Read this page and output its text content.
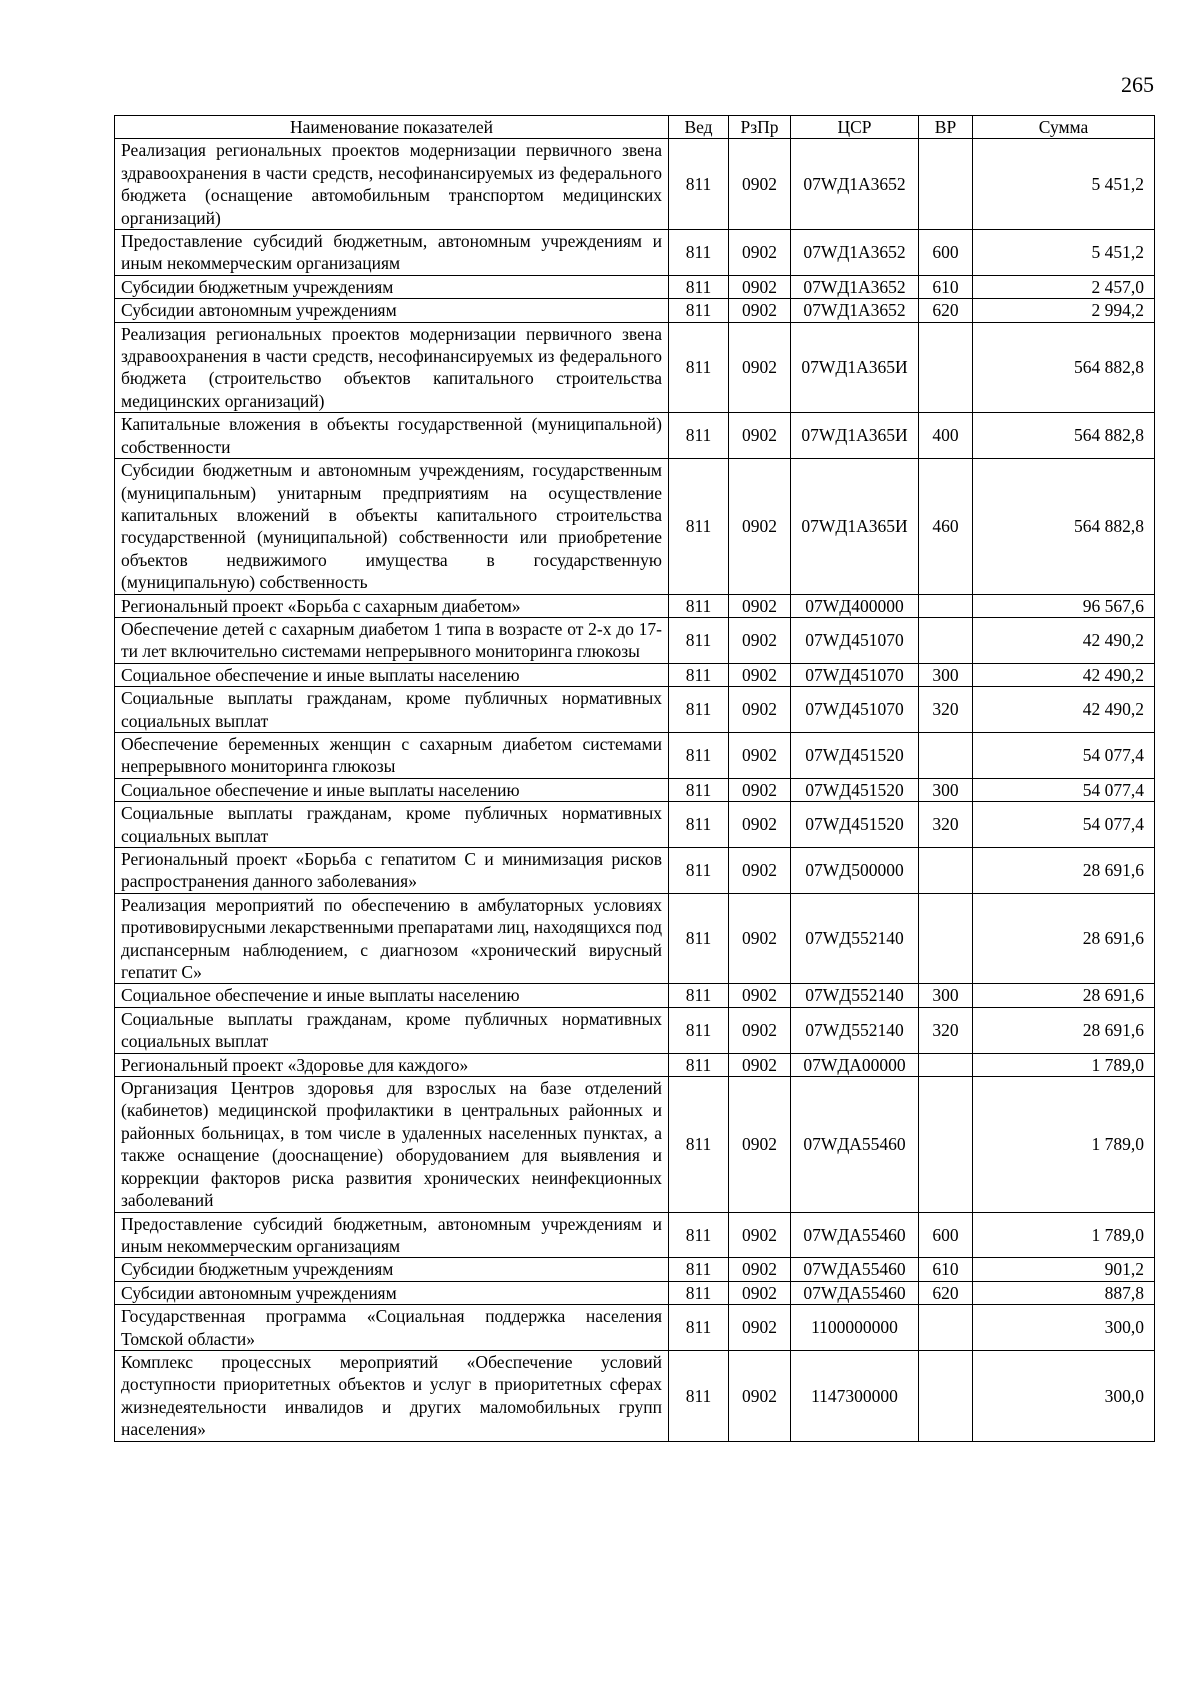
265
Наименование показателей	Вед	РзПр	ЦСР	ВР	Сумма
Реализация региональных проектов модернизации первичного звена здравоохранения в части средств, несофинансируемых из федерального бюджета (оснащение автомобильным транспортом медицинских организаций)	811	0902	07WД1А3652		5 451,2
Предоставление субсидий бюджетным, автономным учреждениям и иным некоммерческим организациям	811	0902	07WД1А3652	600	5 451,2
Субсидии бюджетным учреждениям	811	0902	07WД1А3652	610	2 457,0
Субсидии автономным учреждениям	811	0902	07WД1А3652	620	2 994,2
Реализация региональных проектов модернизации первичного звена здравоохранения в части средств, несофинансируемых из федерального бюджета (строительство объектов капитального строительства медицинских организаций)	811	0902	07WД1А365И		564 882,8
Капитальные вложения в объекты государственной (муниципальной) собственности	811	0902	07WД1А365И	400	564 882,8
Субсидии бюджетным и автономным учреждениям, государственным (муниципальным) унитарным предприятиям на осуществление капитальных вложений в объекты капитального строительства государственной (муниципальной) собственности или приобретение объектов недвижимого имущества в государственную (муниципальную) собственность	811	0902	07WД1А365И	460	564 882,8
Региональный проект «Борьба с сахарным диабетом»	811	0902	07WД400000		96 567,6
Обеспечение детей с сахарным диабетом 1 типа в возрасте от 2-х до 17-ти лет включительно системами непрерывного мониторинга глюкозы	811	0902	07WД451070		42 490,2
Социальное обеспечение и иные выплаты населению	811	0902	07WД451070	300	42 490,2
Социальные выплаты гражданам, кроме публичных нормативных социальных выплат	811	0902	07WД451070	320	42 490,2
Обеспечение беременных женщин с сахарным диабетом системами непрерывного мониторинга глюкозы	811	0902	07WД451520		54 077,4
Социальное обеспечение и иные выплаты населению	811	0902	07WД451520	300	54 077,4
Социальные выплаты гражданам, кроме публичных нормативных социальных выплат	811	0902	07WД451520	320	54 077,4
Региональный проект «Борьба с гепатитом С и минимизация рисков распространения данного заболевания»	811	0902	07WД500000		28 691,6
Реализация мероприятий по обеспечению в амбулаторных условиях противовирусными лекарственными препаратами лиц, находящихся под диспансерным наблюдением, с диагнозом «хронический вирусный гепатит С»	811	0902	07WД552140		28 691,6
Социальное обеспечение и иные выплаты населению	811	0902	07WД552140	300	28 691,6
Социальные выплаты гражданам, кроме публичных нормативных социальных выплат	811	0902	07WД552140	320	28 691,6
Региональный проект «Здоровье для каждого»	811	0902	07WДА00000		1 789,0
Организация Центров здоровья для взрослых на базе отделений (кабинетов) медицинской профилактики в центральных районных и районных больницах, в том числе в удаленных населенных пунктах, а также оснащение (дооснащение) оборудованием для выявления и коррекции факторов риска развития хронических неинфекционных заболеваний	811	0902	07WДА55460		1 789,0
Предоставление субсидий бюджетным, автономным учреждениям и иным некоммерческим организациям	811	0902	07WДА55460	600	1 789,0
Субсидии бюджетным учреждениям	811	0902	07WДА55460	610	901,2
Субсидии автономным учреждениям	811	0902	07WДА55460	620	887,8
Государственная программа «Социальная поддержка населения Томской области»	811	0902	1100000000		300,0
Комплекс процессных мероприятий «Обеспечение условий доступности приоритетных объектов и услуг в приоритетных сферах жизнедеятельности инвалидов и других маломобильных групп населения»	811	0902	1147300000		300,0
